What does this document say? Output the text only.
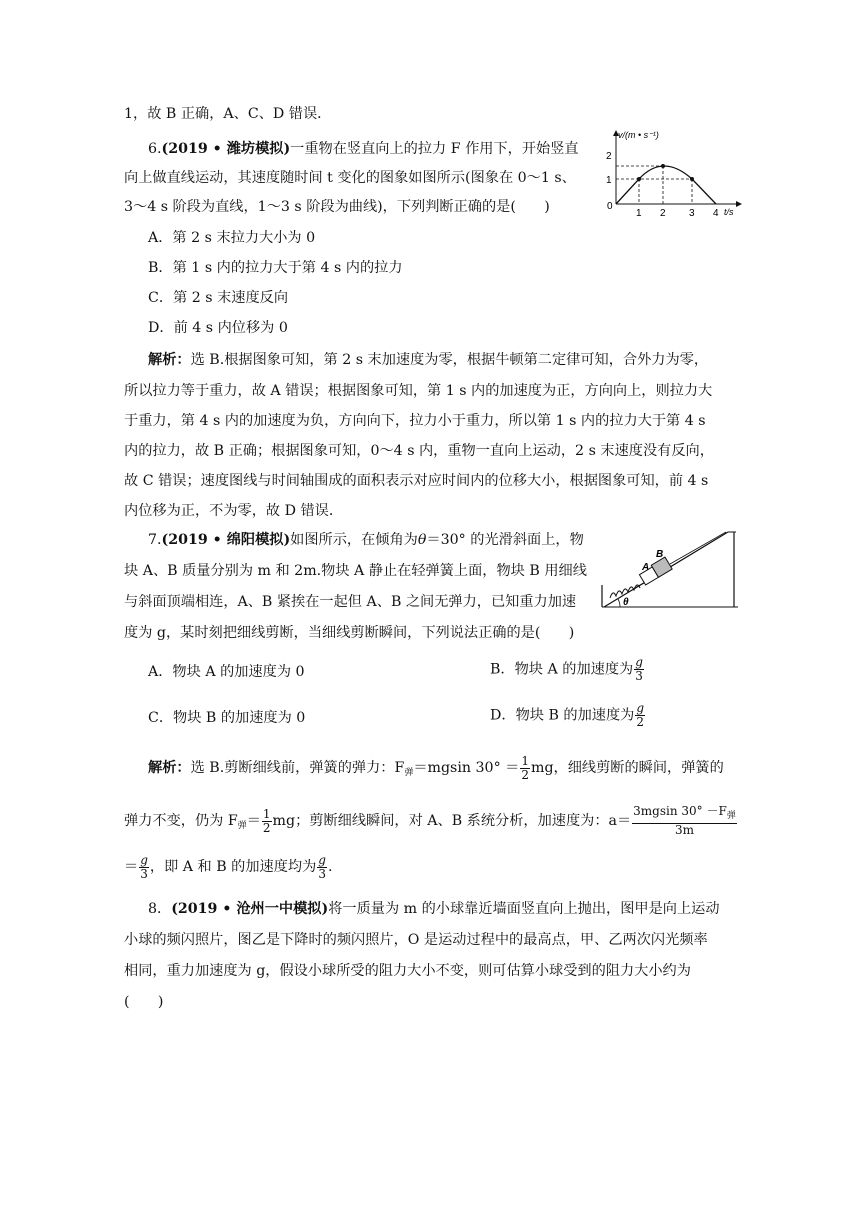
1，故 B 正确，A、C、D 错误．
6.(2019 • 潍坊模拟)一重物在竖直向上的拉力 F 作用下，开始竖直
向上做直线运动，其速度随时间 t 变化的图象如图所示(图象在 0～1 s、
3～4 s 阶段为直线，1～3 s 阶段为曲线)，下列判断正确的是(　　)
A．第 2 s 末拉力大小为 0
B．第 1 s 内的拉力大于第 4 s 内的拉力
C．第 2 s 末速度反向
D．前 4 s 内位移为 0
解析：选 B.根据图象可知，第 2 s 末加速度为零，根据牛顿第二定律可知，合外力为零，
所以拉力等于重力，故 A 错误；根据图象可知，第 1 s 内的加速度为正，方向向上，则拉力大
于重力，第 4 s 内的加速度为负，方向向下，拉力小于重力，所以第 1 s 内的拉力大于第 4 s
内的拉力，故 B 正确；根据图象可知，0～4 s 内，重物一直向上运动，2 s 末速度没有反向，
故 C 错误；速度图线与时间轴围成的面积表示对应时间内的位移大小，根据图象可知，前 4 s
内位移为正，不为零，故 D 错误．
v/(m • s⁻¹)
t/s
0
1
2
1 2 3 4
7.(2019 • 绵阳模拟)如图所示，在倾角为θ＝30° 的光滑斜面上，物
块 A、B 质量分别为 m 和 2m.物块 A 静止在轻弹簧上面，物块 B 用细线
与斜面顶端相连，A、B 紧挨在一起但 A、B 之间无弹力，已知重力加速
度为 g，某时刻把细线剪断，当细线剪断瞬间，下列说法正确的是(　　)
A．物块 A 的加速度为 0	B．物块 A 的加速度为 $\frac{g}{3}$
C．物块 B 的加速度为 0	D．物块 B 的加速度为 $\frac{g}{2}$
解析：选 B.剪断细线前，弹簧的弹力：$F_弹=mgsin$ $30^\circ = \frac{1}{2}$ mg，细线剪断的瞬间，弹簧的
弹力不变，仍为 $F_弹= \frac{1}{2}$ mg；剪断细线瞬间，对 A、B 系统分析，加速度为：$a= \frac{3mgsin 30^\circ -F_弹}{3m}$
＝ $\frac{g}{3}$ ，即 A 和 B 的加速度均为 $\frac{g}{3}$ .
θ
A
B
8．(2019 • 沧州一中模拟)将一质量为 m 的小球靠近墙面竖直向上抛出，图甲是向上运动
小球的频闪照片，图乙是下降时的频闪照片，O 是运动过程中的最高点，甲、乙两次闪光频率
相同，重力加速度为 g，假设小球所受的阻力大小不变，则可估算小球受到的阻力大小约为
(　　)
